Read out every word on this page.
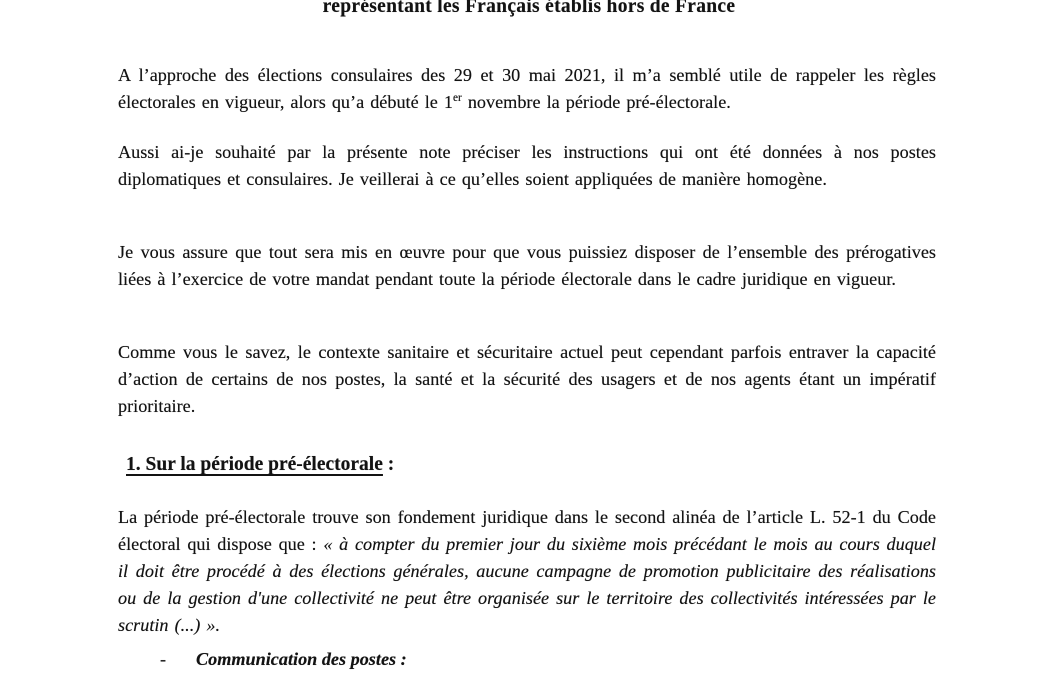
représentant les Français établis hors de France

A l’approche des élections consulaires des 29 et 30 mai 2021, il m’a semblé utile de rappeler les règles électorales en vigueur, alors qu’a débuté le 1er novembre la période pré-électorale.

Aussi ai-je souhaité par la présente note préciser les instructions qui ont été données à nos postes diplomatiques et consulaires. Je veillerai à ce qu’elles soient appliquées de manière homogène.

Je vous assure que tout sera mis en œuvre pour que vous puissiez disposer de l’ensemble des prérogatives liées à l’exercice de votre mandat pendant toute la période électorale dans le cadre juridique en vigueur.

Comme vous le savez, le contexte sanitaire et sécuritaire actuel peut cependant parfois entraver la capacité d’action de certains de nos postes, la santé et la sécurité des usagers et de nos agents étant un impératif prioritaire.

1. Sur la période pré-électorale :

La période pré-électorale trouve son fondement juridique dans le second alinéa de l’article L. 52-1 du Code électoral qui dispose que : « à compter du premier jour du sixième mois précédant le mois au cours duquel il doit être procédé à des élections générales, aucune campagne de promotion publicitaire des réalisations ou de la gestion d'une collectivité ne peut être organisée sur le territoire des collectivités intéressées par le scrutin (...) ».

- Communication des postes :
